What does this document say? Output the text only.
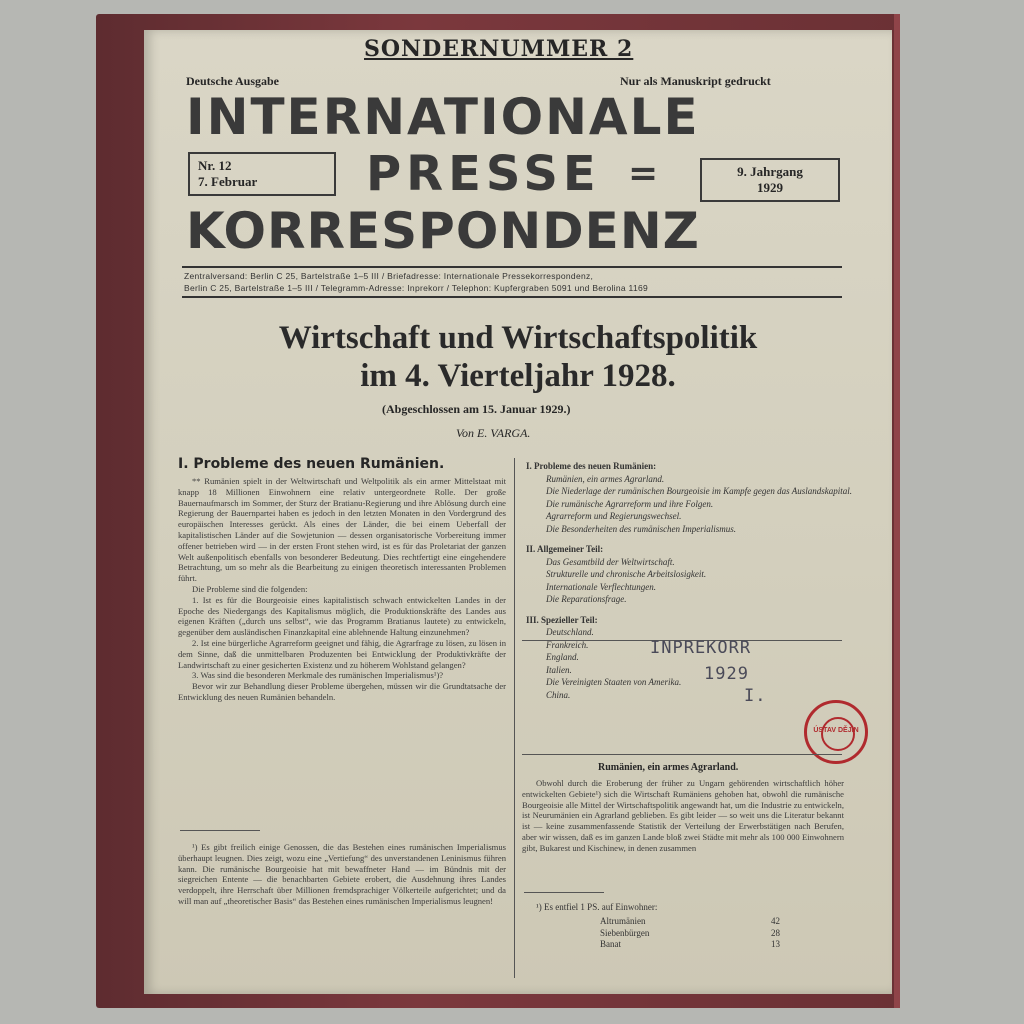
SONDERNUMMER 2
Deutsche Ausgabe	Nur als Manuskript gedruckt
INTERNATIONALE
Nr. 12
7. Februar	PRESSE =	9. Jahrgang
1929
KORRESPONDENZ
Zentralversand: Berlin C 25, Bartelstraße 1–5 III / Briefadresse: Internationale Pressekorrespondenz,
Berlin C 25, Bartelstraße 1–5 III / Telegramm-Adresse: Inprekorr / Telephon: Kupfergraben 5091 und Berolina 1169
Wirtschaft und Wirtschaftspolitik
im 4. Vierteljahr 1928.
(Abgeschlossen am 15. Januar 1929.)
Von E. VARGA.
I. Probleme des neuen Rumänien.

** Rumänien spielt in der Weltwirtschaft und Weltpolitik als ein armer Mittelstaat mit knapp 18 Millionen Einwohnern eine relativ untergeordnete Rolle. Der große Bauernaufmarsch im Sommer, der Sturz der Bratianu-Regierung und ihre Ablösung durch eine Regierung der Bauernpartei haben es jedoch in den letzten Monaten in den Vordergrund des europäischen Interesses gerückt. Als eines der Länder, die bei einem Ueberfall der kapitalistischen Länder auf die Sowjetunion — dessen organisatorische Vorbereitung immer offener betrieben wird — in der ersten Front stehen wird, ist es für das Proletariat der ganzen Welt außenpolitisch ebenfalls von besonderer Bedeutung. Dies rechtfertigt eine eingehendere Betrachtung, um so mehr als die Bearbeitung zu einigen theoretisch interessanten Problemen führt.

Die Probleme sind die folgenden:

1. Ist es für die Bourgeoisie eines kapitalistisch schwach entwickelten Landes in der Epoche des Niedergangs des Kapitalismus möglich, die Produktionskräfte des Landes aus eigenen Kräften („durch uns selbst“, wie das Programm Bratianus lautete) zu entwickeln, gegenüber dem ausländischen Finanzkapital eine ablehnende Haltung einzunehmen?

2. Ist eine bürgerliche Agrarreform geeignet und fähig, die Agrarfrage zu lösen, zu lösen in dem Sinne, daß die unmittelbaren Produzenten bei Entwicklung der Produktivkräfte der Landwirtschaft zu einer gesicherten Existenz und zu höherem Wohlstand gelangen?

3. Was sind die besonderen Merkmale des rumänischen Imperialismus¹)?

Bevor wir zur Behandlung dieser Probleme übergehen, müssen wir die Grundtatsache der Entwicklung des neuen Rumänien behandeln.

¹) Es gibt freilich einige Genossen, die das Bestehen eines rumänischen Imperialismus überhaupt leugnen. Dies zeigt, wozu eine „Vertiefung“ des unverstandenen Leninismus führen kann. Die rumänische Bourgeoisie hat mit bewaffneter Hand — im Bündnis mit der siegreichen Entente — die benachbarten Gebiete erobert, die Ausdehnung ihres Landes verdoppelt, ihre Herrschaft über Millionen fremdsprachiger Völkerteile aufgerichtet; und da will man auf „theoretischer Basis“ das Bestehen eines rumänischen Imperialismus leugnen!

I. Probleme des neuen Rumänien:
Rumänien, ein armes Agrarland.
Die Niederlage der rumänischen Bourgeoisie im Kampfe gegen das Auslandskapital.
Die rumänische Agrarreform und ihre Folgen.
Agrarreform und Regierungswechsel.
Die Besonderheiten des rumänischen Imperialismus.
II. Allgemeiner Teil:
Das Gesamtbild der Weltwirtschaft.
Strukturelle und chronische Arbeitslosigkeit.
Internationale Verflechtungen.
Die Reparationsfrage.
III. Spezieller Teil:
Deutschland.
Frankreich.
England.
Italien.
Die Vereinigten Staaten von Amerika.
China.
INPREKORR
1929
I.
ÚSTAV DĚJIN
Rumänien, ein armes Agrarland.

Obwohl durch die Eroberung der früher zu Ungarn gehörenden wirtschaftlich höher entwickelten Gebiete¹) sich die Wirtschaft Rumäniens gehoben hat, obwohl die rumänische Bourgeoisie alle Mittel der Wirtschaftspolitik angewandt hat, um die Industrie zu entwickeln, ist Neurumänien ein Agrarland geblieben. Es gibt leider — so weit uns die Literatur bekannt ist — keine zusammenfassende Statistik der Verteilung der Erwerbstätigen nach Berufen, aber wir wissen, daß es im ganzen Lande bloß zwei Städte mit mehr als 100 000 Einwohnern gibt, Bukarest und Kischinew, in denen zusammen

¹) Es entfiel 1 PS. auf Einwohner:
Altrumänien	42
Siebenbürgen	28
Banat	13
